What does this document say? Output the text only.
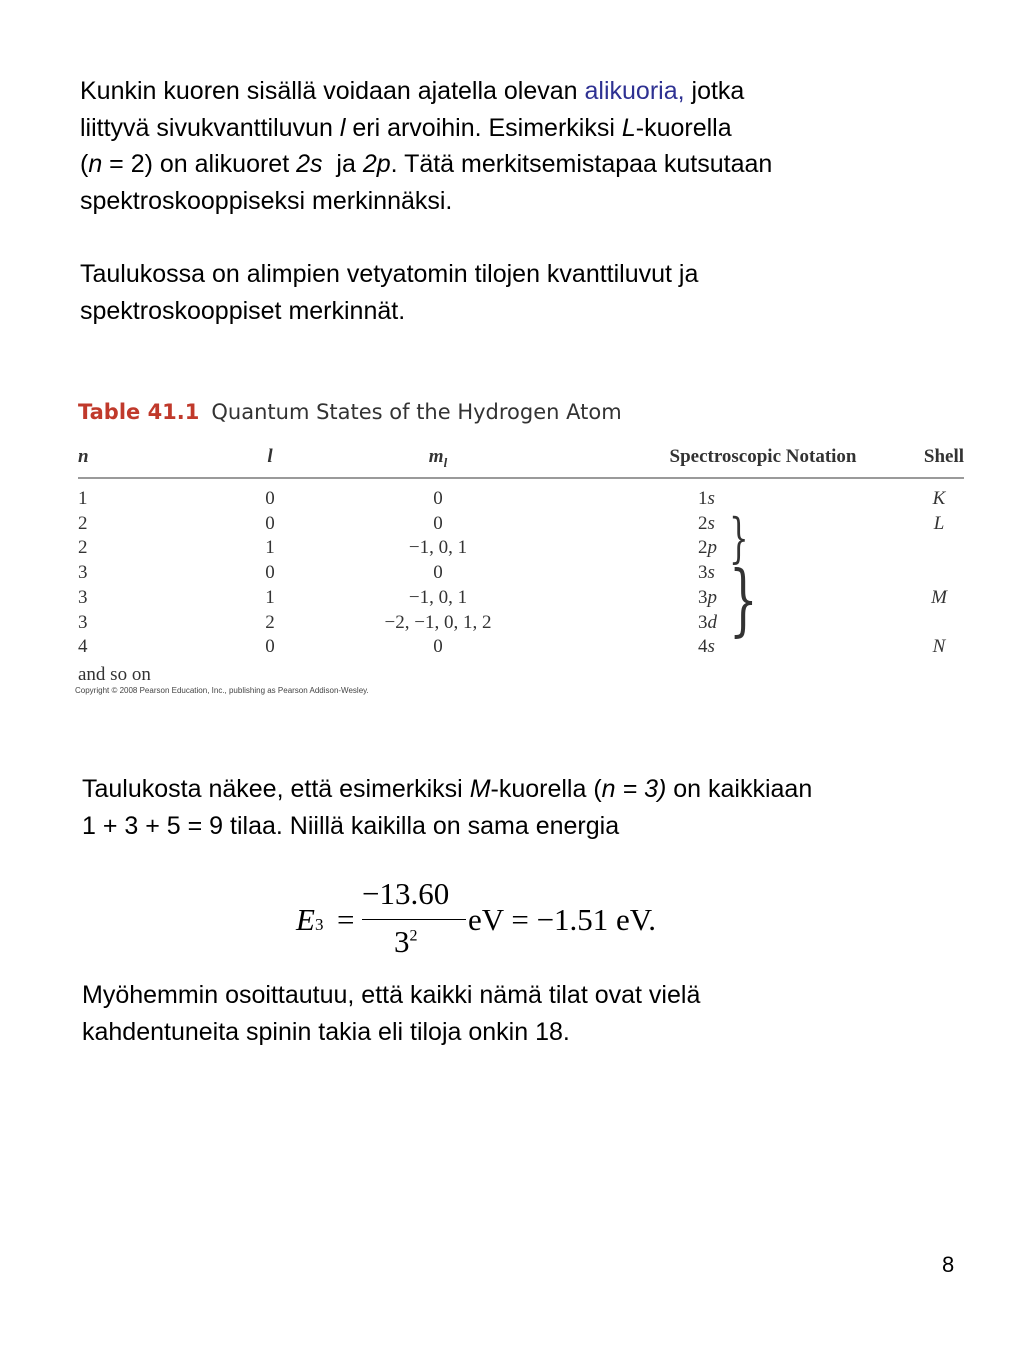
Kunkin kuoren sisällä voidaan ajatella olevan alikuoria, jotka
liittyvä sivukvanttiluvun l eri arvoihin. Esimerkiksi L-kuorella
(n = 2) on alikuoret 2s  ja 2p. Tätä merkitsemistapaa kutsutaan
spektroskooppiseksi merkinnäksi.
Taulukossa on alimpien vetyatomin tilojen kvanttiluvut ja
spektroskooppiset merkinnät.
Table 41.1 Quantum States of the Hydrogen Atom
n	l	$m_l$	Spectroscopic Notation	Shell
1	0	0	1s	K
2	0	0	2s	L
2	1	−1, 0, 1	2p
3	0	0	3s
3	1	−1, 0, 1	3p	M
3	2	−2, −1, 0, 1, 2	3d
4	0	0	4s	N
}
}
and so on
Copyright © 2008 Pearson Education, Inc., publishing as Pearson Addison-Wesley.
Taulukosta näkee, että esimerkiksi M-kuorella (n = 3) on kaikkiaan
1 + 3 + 5 = 9 tilaa. Niillä kaikilla on sama energia
E3 =
−13.60
$3^2$ eV = −1.51 eV.
Myöhemmin osoittautuu, että kaikki nämä tilat ovat vielä
kahdentuneita spinin takia eli tiloja onkin 18.
8
